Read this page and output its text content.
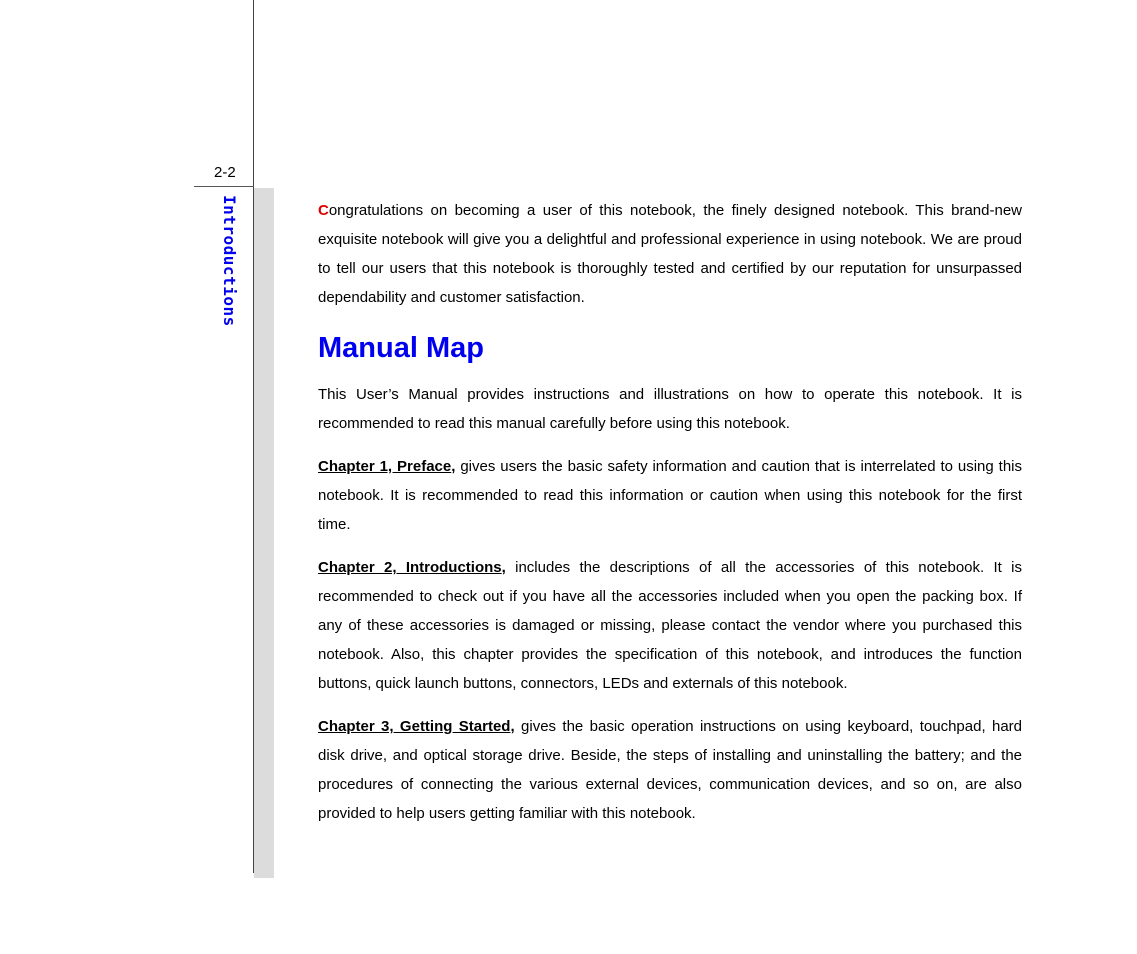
2-2
Introductions	Congratulations on becoming a user of this notebook, the finely designed notebook. This brand-new exquisite notebook will give you a delightful and professional experience in using notebook. We are proud to tell our users that this notebook is thoroughly tested and certified by our reputation for unsurpassed dependability and customer satisfaction.

Manual Map

This User’s Manual provides instructions and illustrations on how to operate this notebook. It is recommended to read this manual carefully before using this notebook.

Chapter 1, Preface, gives users the basic safety information and caution that is interrelated to using this notebook. It is recommended to read this information or caution when using this notebook for the first time.

Chapter 2, Introductions, includes the descriptions of all the accessories of this notebook. It is recommended to check out if you have all the accessories included when you open the packing box. If any of these accessories is damaged or missing, please contact the vendor where you purchased this notebook. Also, this chapter provides the specification of this notebook, and introduces the function buttons, quick launch buttons, connectors, LEDs and externals of this notebook.

Chapter 3, Getting Started, gives the basic operation instructions on using keyboard, touchpad, hard disk drive, and optical storage drive. Beside, the steps of installing and uninstalling the battery; and the procedures of connecting the various external devices, communication devices, and so on, are also provided to help users getting familiar with this notebook.
